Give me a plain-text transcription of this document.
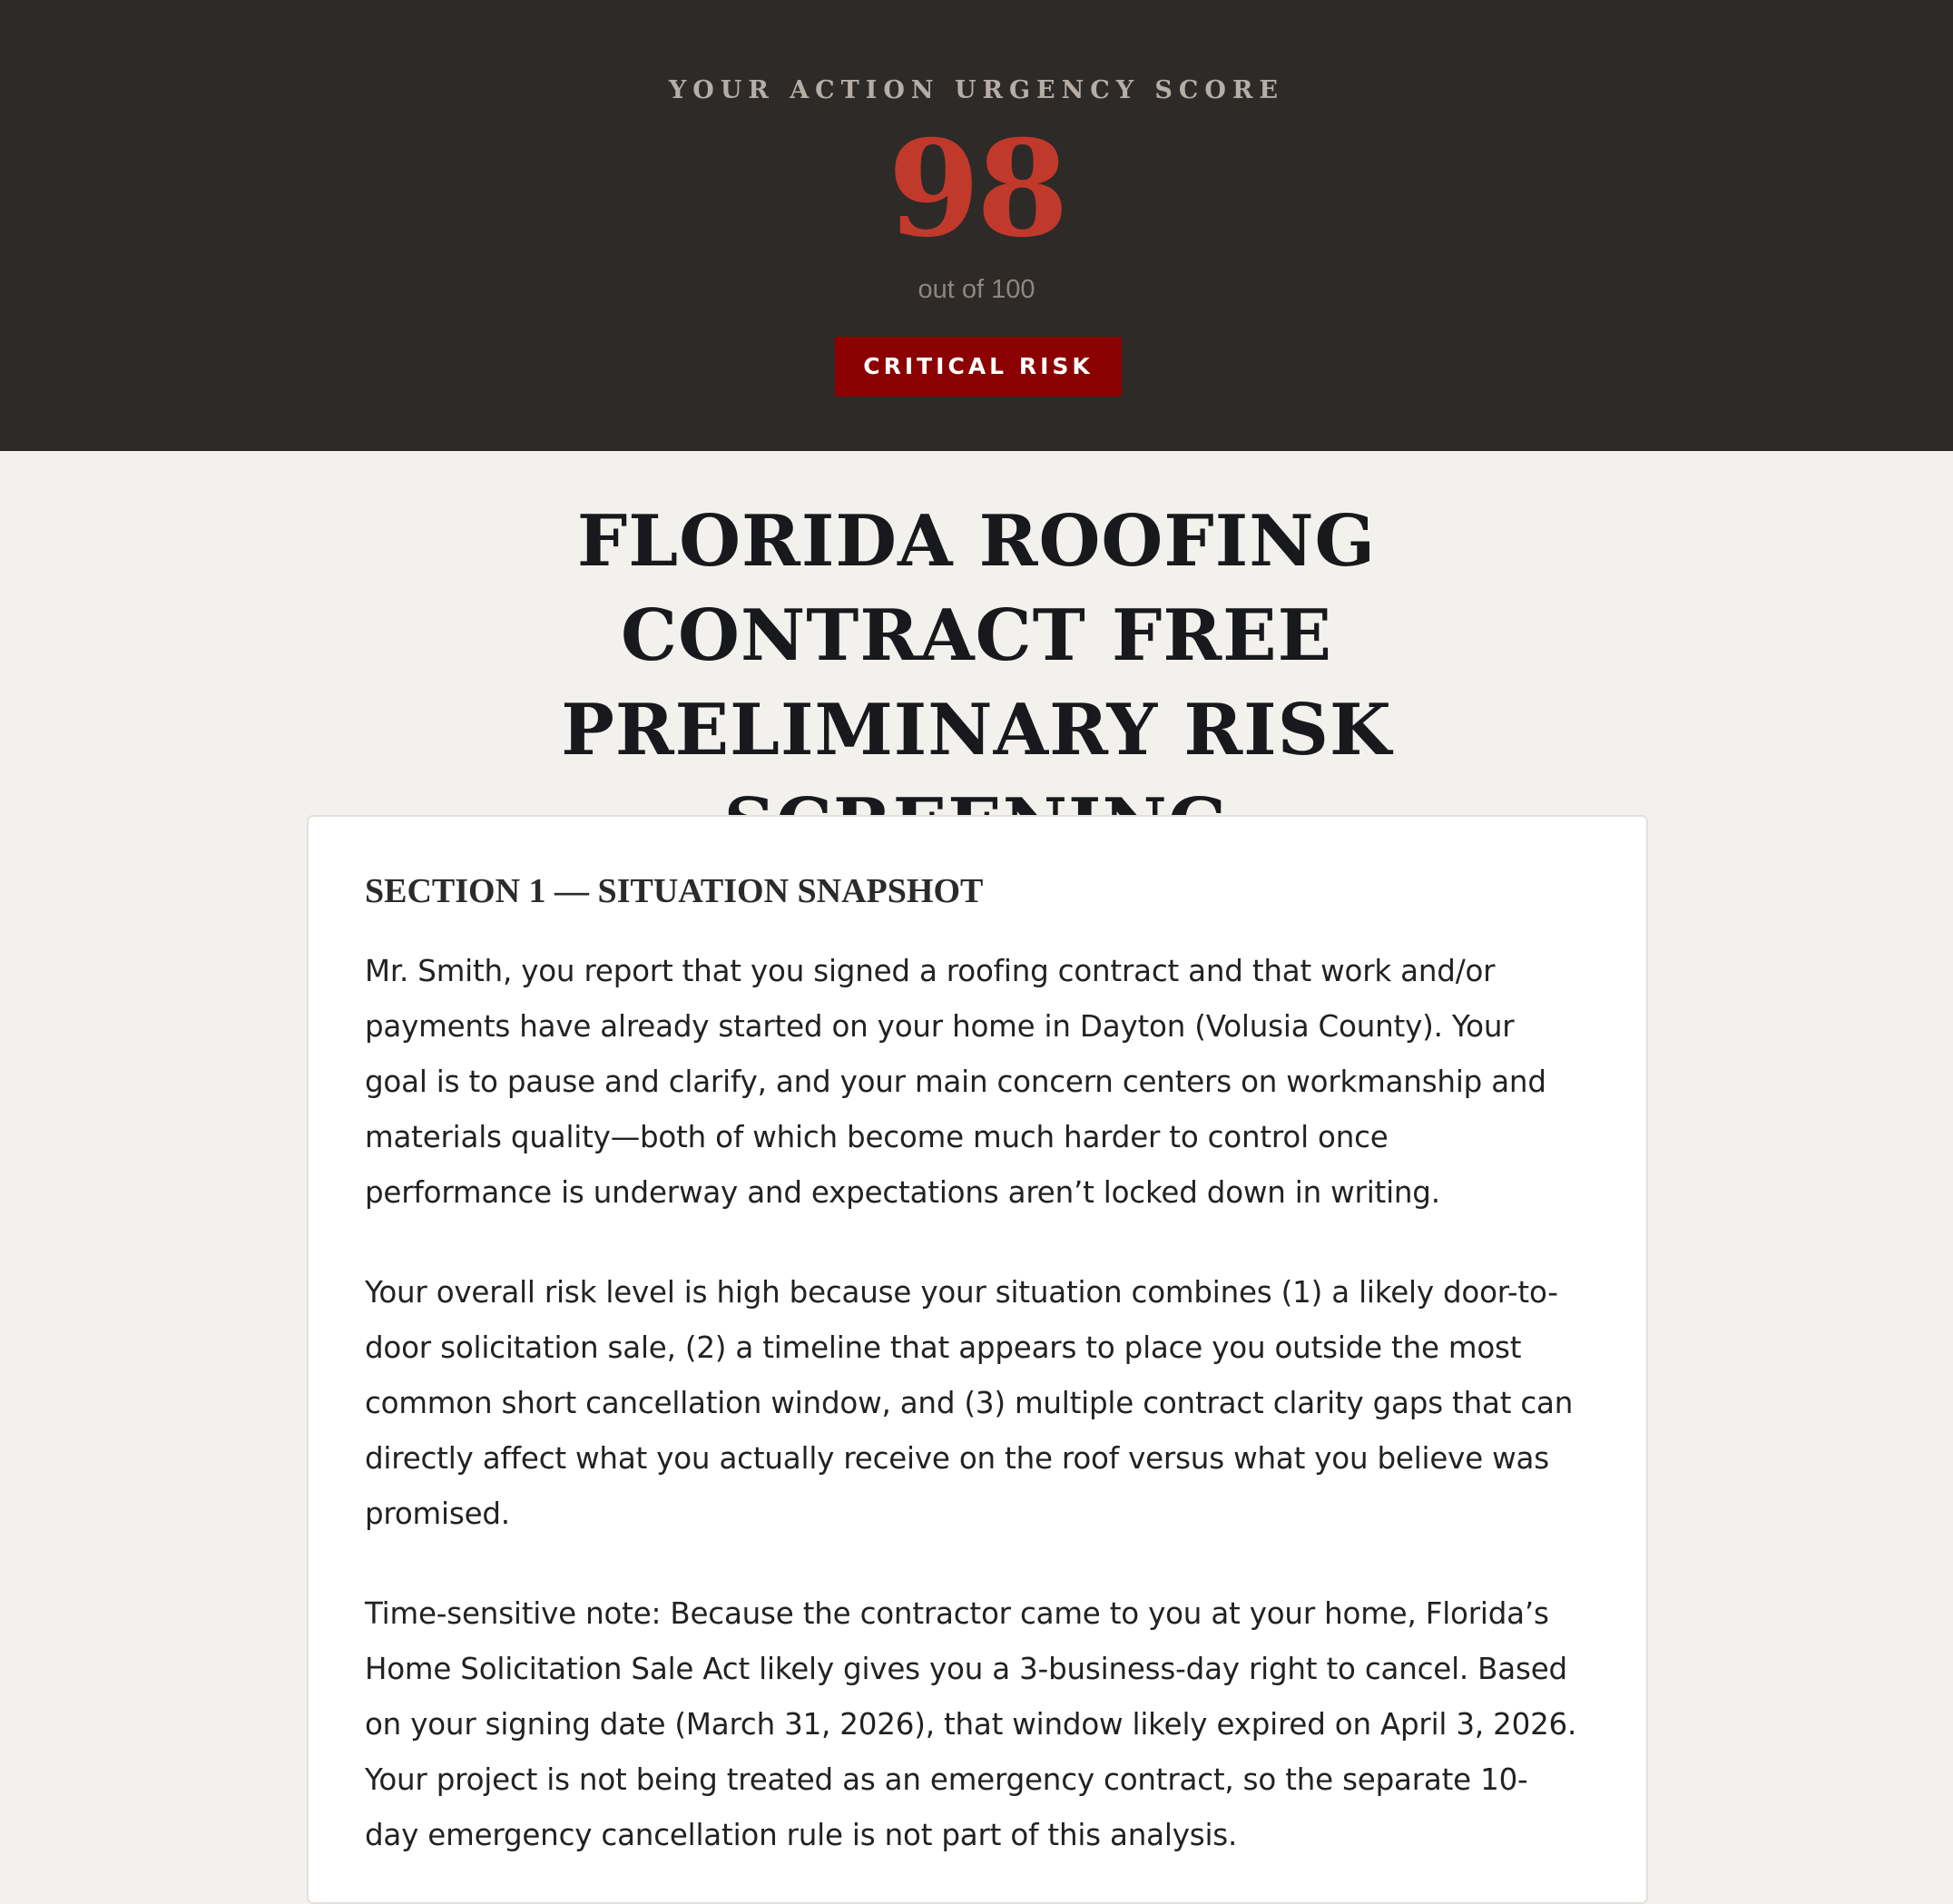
YOUR ACTION URGENCY SCORE
98
out of 100
CRITICAL RISK
FLORIDA ROOFING CONTRACT FREE PRELIMINARY RISK
SECTION 1 — SITUATION SNAPSHOT

Mr. Smith, you report that you signed a roofing contract and that work and/or payments have already started on your home in Dayton (Volusia County). Your goal is to pause and clarify, and your main concern centers on workmanship and materials quality—both of which become much harder to control once performance is underway and expectations aren’t locked down in writing.

Your overall risk level is high because your situation combines (1) a likely door-to-door solicitation sale, (2) a timeline that appears to place you outside the most common short cancellation window, and (3) multiple contract clarity gaps that can directly affect what you actually receive on the roof versus what you believe was promised.

Time-sensitive note: Because the contractor came to you at your home, Florida’s Home Solicitation Sale Act likely gives you a 3-business-day right to cancel. Based on your signing date (March 31, 2026), that window likely expired on April 3, 2026. Your project is not being treated as an emergency contract, so the separate 10-day emergency cancellation rule is not part of this analysis.
